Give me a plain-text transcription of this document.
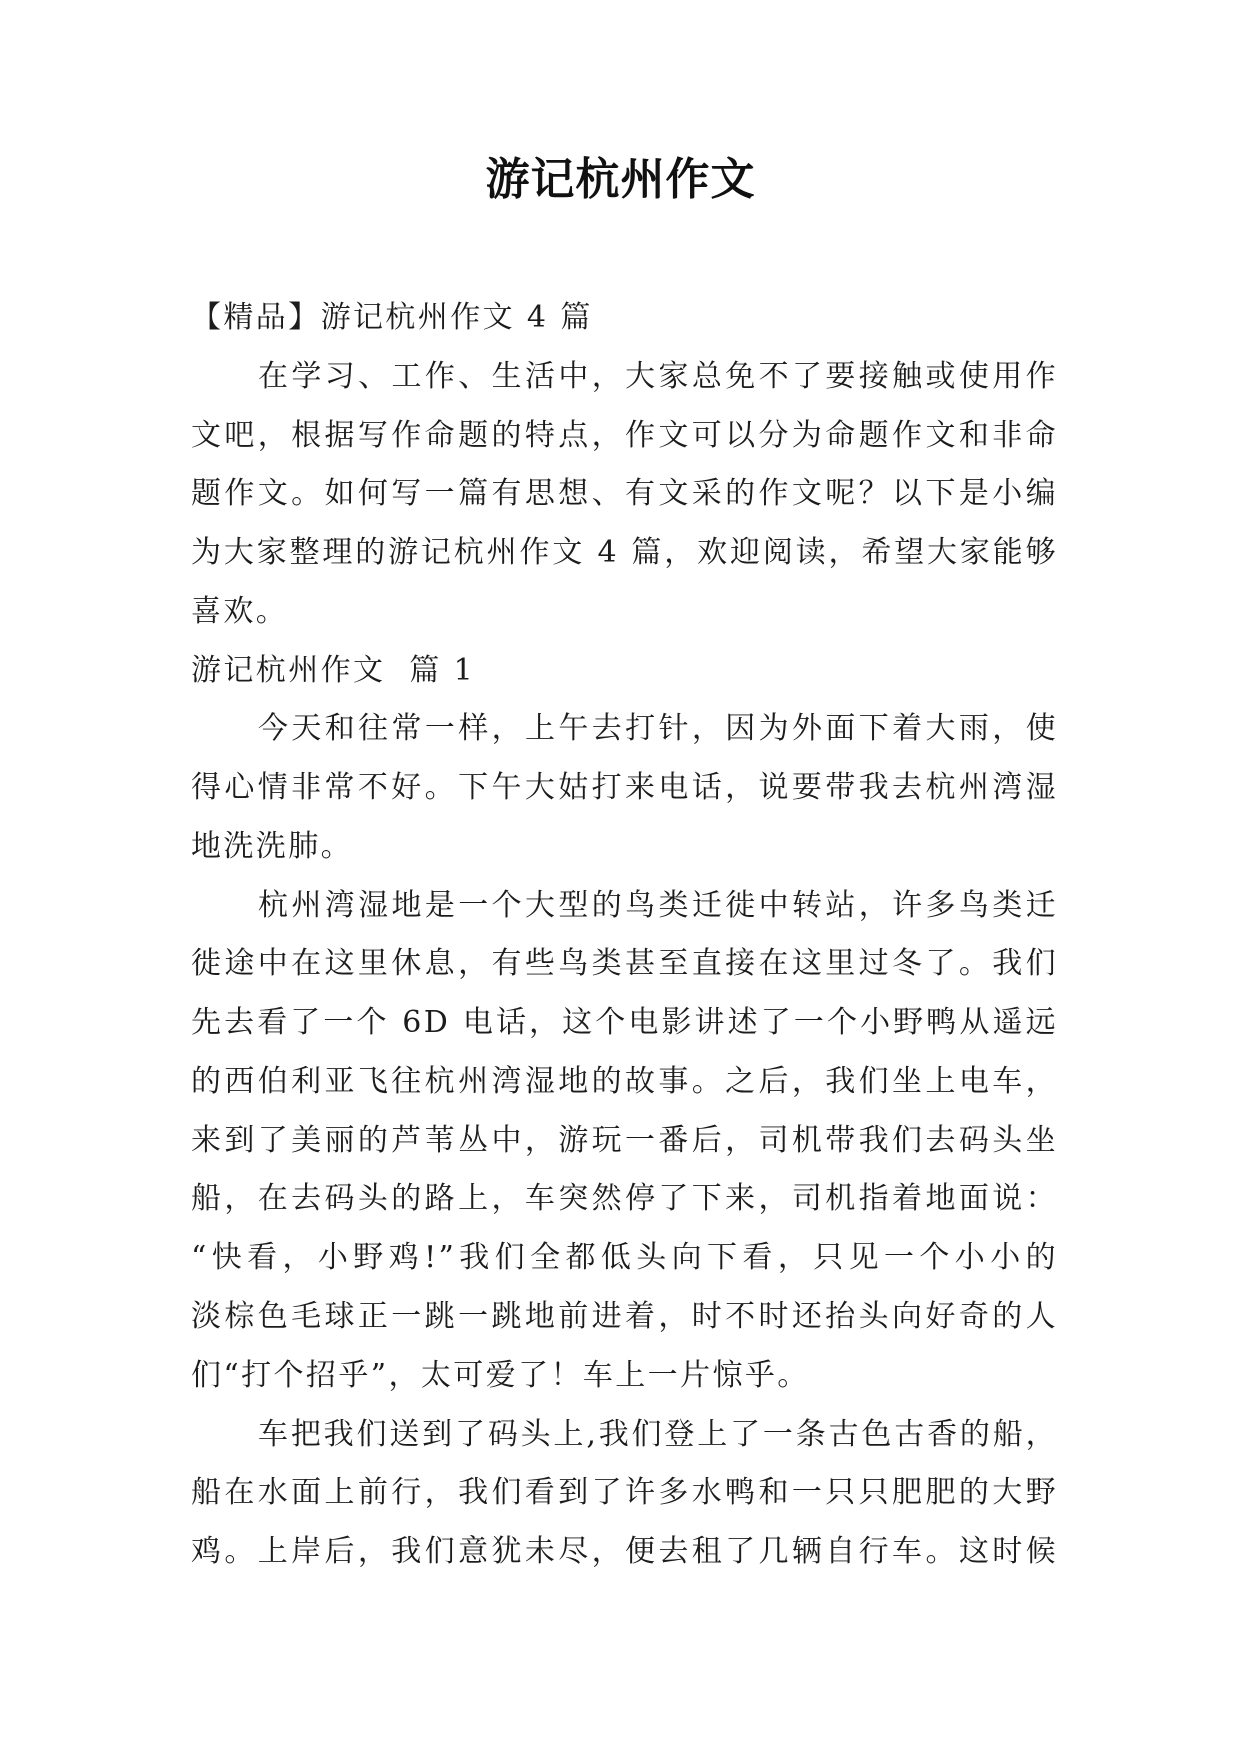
游记杭州作文
【精品】游记杭州作文 4 篇
在学习、工作、生活中，大家总免不了要接触或使用作
文吧，根据写作命题的特点，作文可以分为命题作文和非命
题作文。如何写一篇有思想、有文采的作文呢？以下是小编
为大家整理的游记杭州作文 4 篇，欢迎阅读，希望大家能够
喜欢。
游记杭州作文  篇 1
今天和往常一样，上午去打针，因为外面下着大雨，使
得心情非常不好。下午大姑打来电话，说要带我去杭州湾湿
地洗洗肺。
杭州湾湿地是一个大型的鸟类迁徙中转站，许多鸟类迁
徙途中在这里休息，有些鸟类甚至直接在这里过冬了。我们
先去看了一个 6D 电话，这个电影讲述了一个小野鸭从遥远
的西伯利亚飞往杭州湾湿地的故事。之后，我们坐上电车，
来到了美丽的芦苇丛中，游玩一番后，司机带我们去码头坐
船，在去码头的路上，车突然停了下来，司机指着地面说：
“快看，小野鸡!”我们全都低头向下看，只见一个小小的
淡棕色毛球正一跳一跳地前进着，时不时还抬头向好奇的人
们“打个招乎”，太可爱了！车上一片惊乎。
车把我们送到了码头上,我们登上了一条古色古香的船，
船在水面上前行，我们看到了许多水鸭和一只只肥肥的大野
鸡。上岸后，我们意犹未尽，便去租了几辆自行车。这时候
